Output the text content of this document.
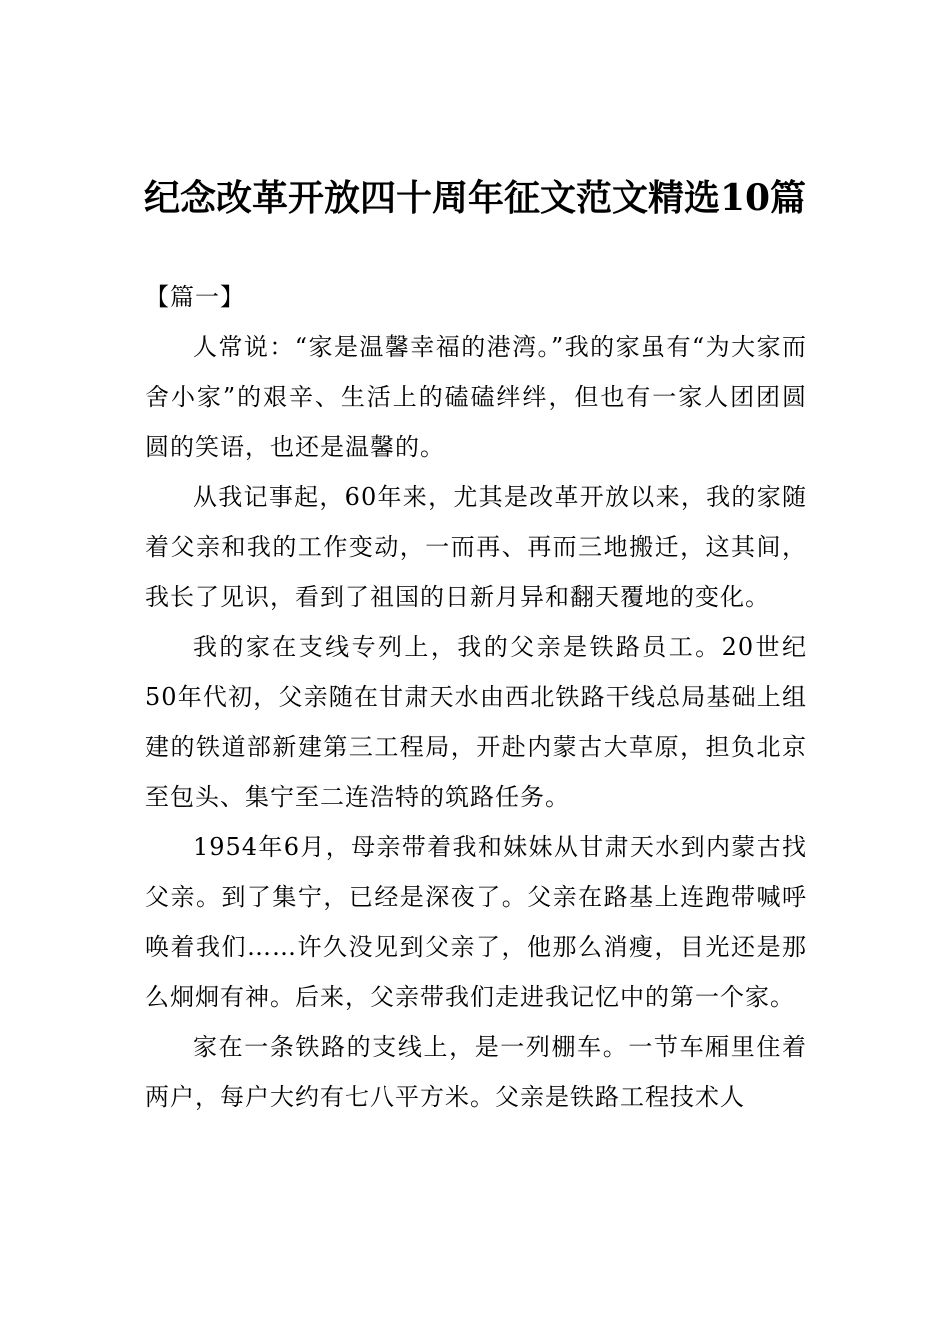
纪念改革开放四十周年征文范文精选10篇

【篇一】

人常说：“家是温馨幸福的港湾。”我的家虽有“为大家而舍小家”的艰辛、生活上的磕磕绊绊，但也有一家人团团圆圆的笑语，也还是温馨的。

从我记事起，60年来，尤其是改革开放以来，我的家随着父亲和我的工作变动，一而再、再而三地搬迁，这其间，我长了见识，看到了祖国的日新月异和翻天覆地的变化。

我的家在支线专列上，我的父亲是铁路员工。20世纪50年代初，父亲随在甘肃天水由西北铁路干线总局基础上组建的铁道部新建第三工程局，开赴内蒙古大草原，担负北京至包头、集宁至二连浩特的筑路任务。

1954年6月，母亲带着我和妹妹从甘肃天水到内蒙古找父亲。到了集宁，已经是深夜了。父亲在路基上连跑带喊呼唤着我们……许久没见到父亲了，他那么消瘦，目光还是那么炯炯有神。后来，父亲带我们走进我记忆中的第一个家。

家在一条铁路的支线上，是一列棚车。一节车厢里住着两户，每户大约有七八平方米。父亲是铁路工程技术人
